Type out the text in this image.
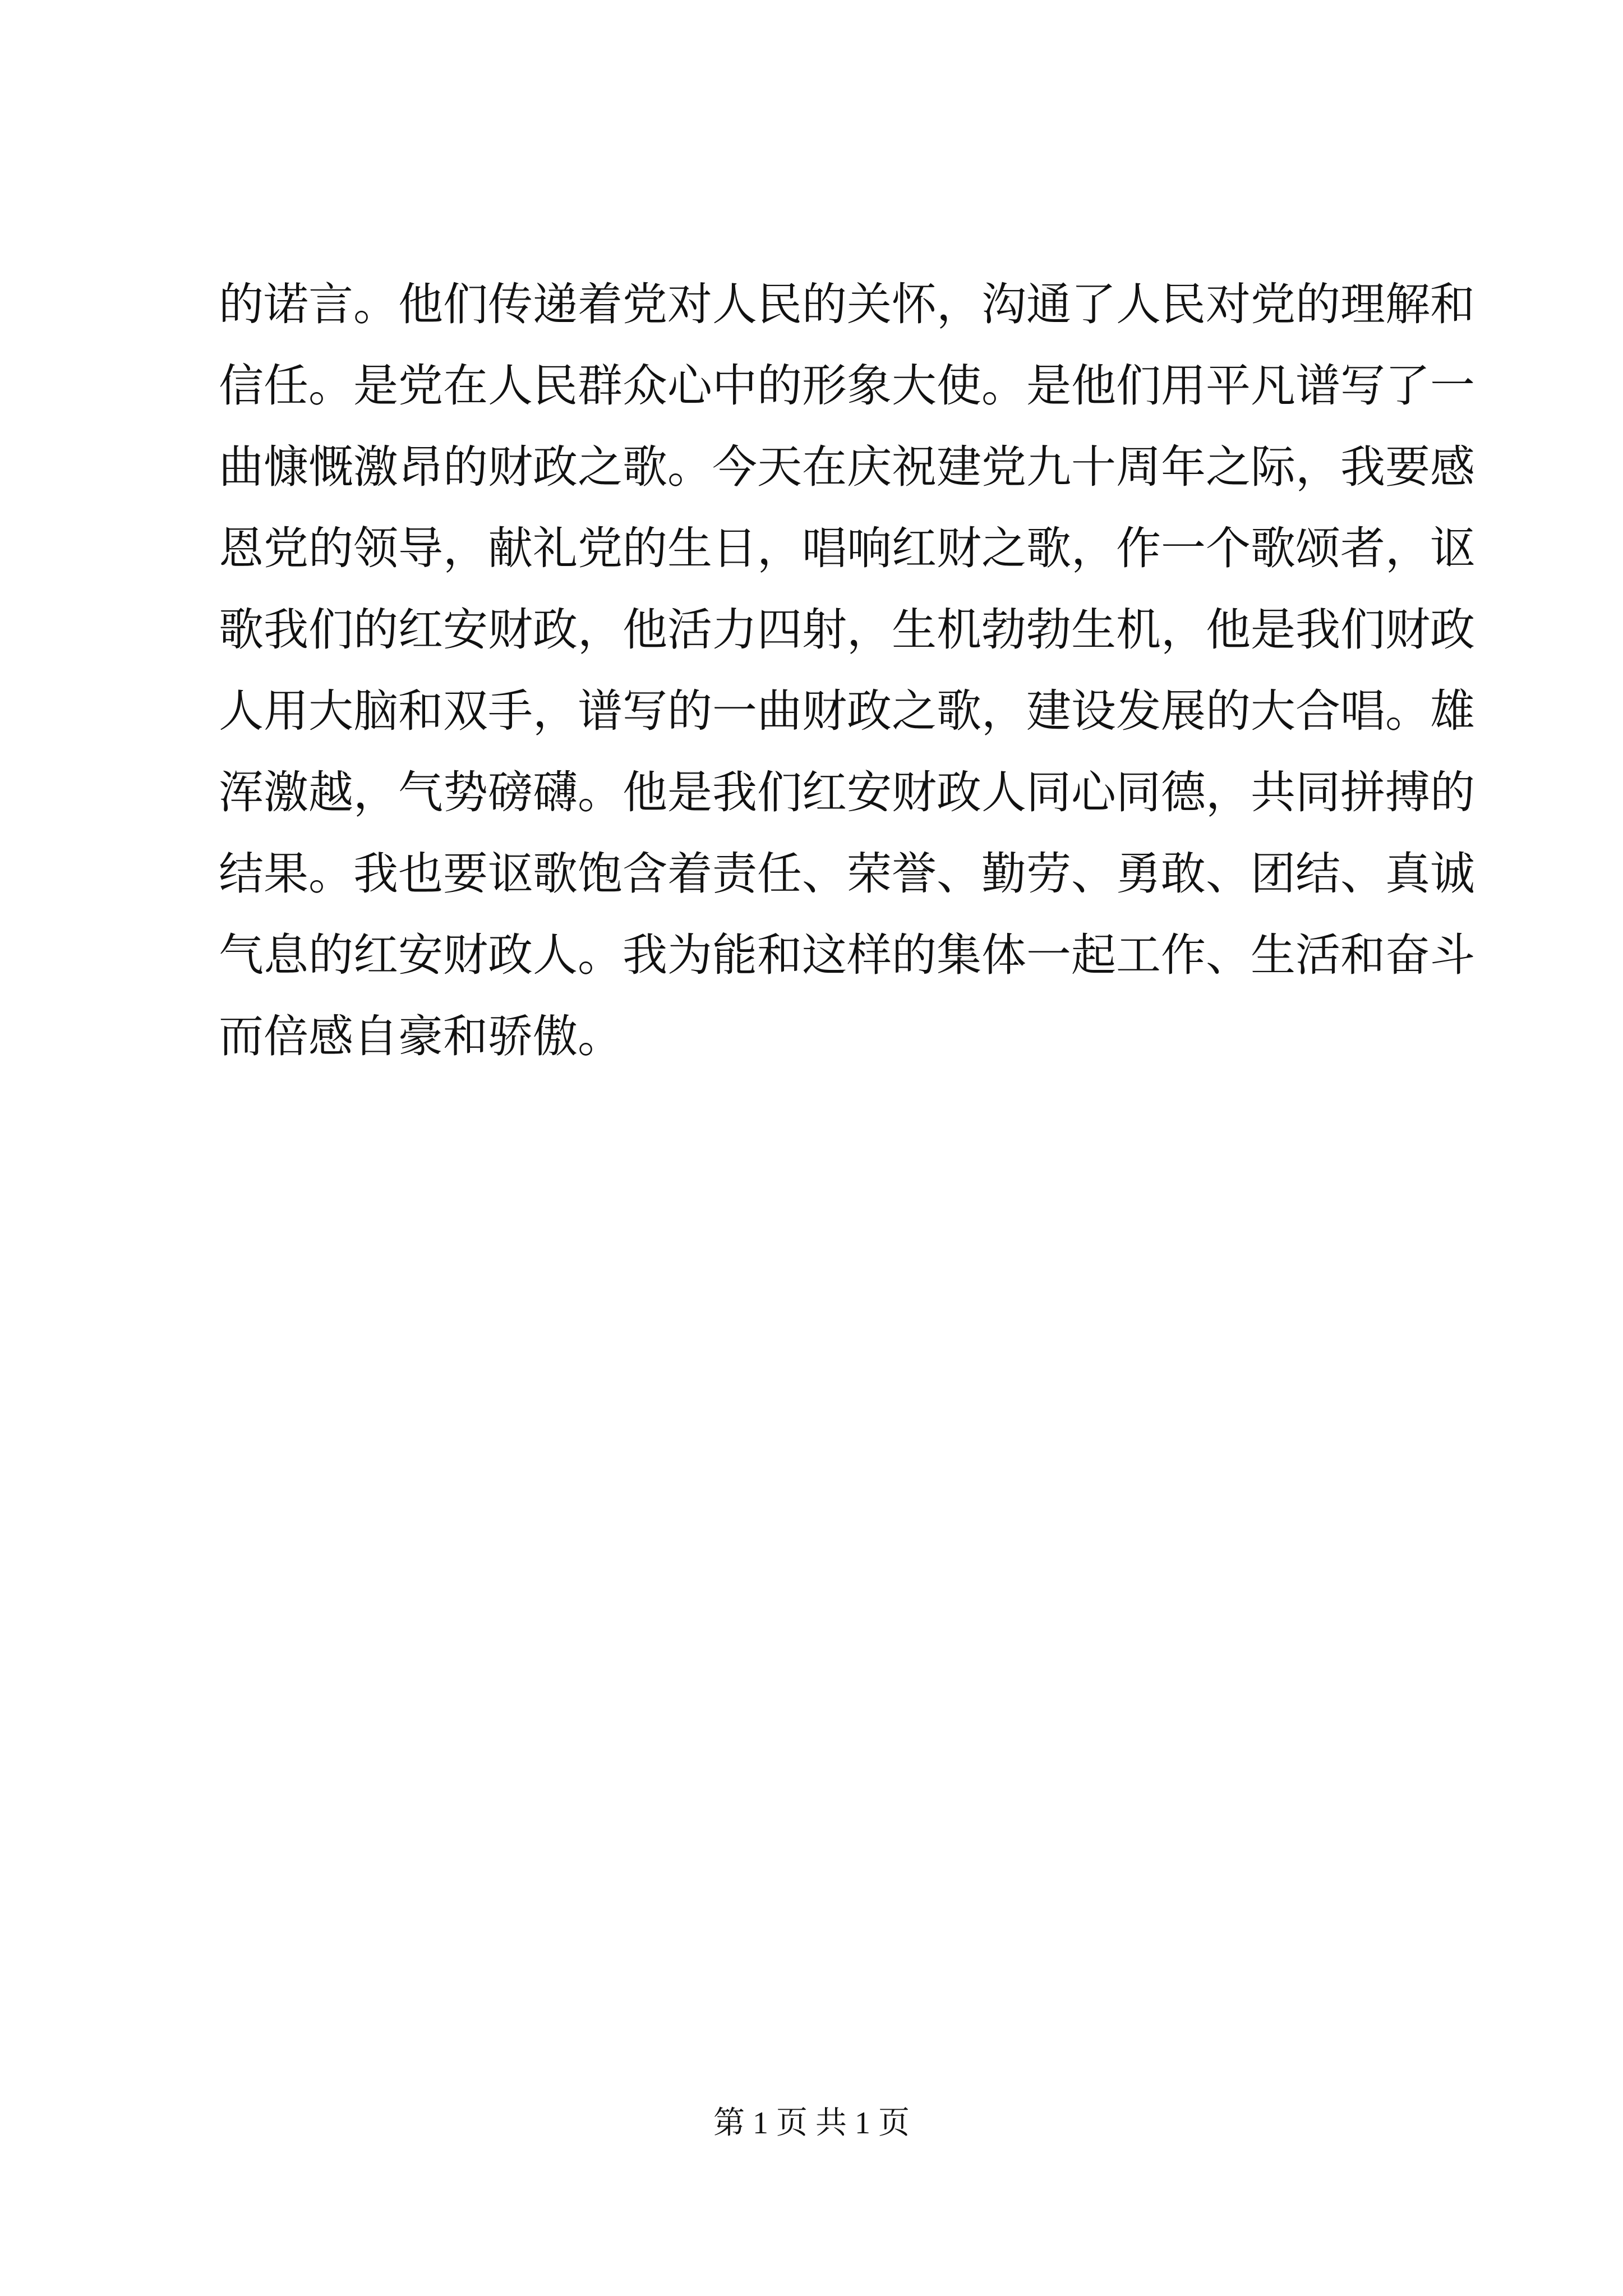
的诺言。他们传递着党对人民的关怀，沟通了人民对党的理解和
信任。是党在人民群众心中的形象大使。是他们用平凡谱写了一
曲慷慨激昂的财政之歌。今天在庆祝建党九十周年之际，我要感
恩党的领导，献礼党的生日，唱响红财之歌，作一个歌颂者，讴
歌我们的红安财政，他活力四射，生机勃勃生机，他是我们财政
人用大脑和双手，谱写的一曲财政之歌，建设发展的大合唱。雄
浑激越，气势磅礴。他是我们红安财政人同心同德，共同拼搏的
结果。我也要讴歌饱含着责任、荣誉、勤劳、勇敢、团结、真诚
气息的红安财政人。我为能和这样的集体一起工作、生活和奋斗
而倍感自豪和骄傲。
第 1 页 共 1 页
